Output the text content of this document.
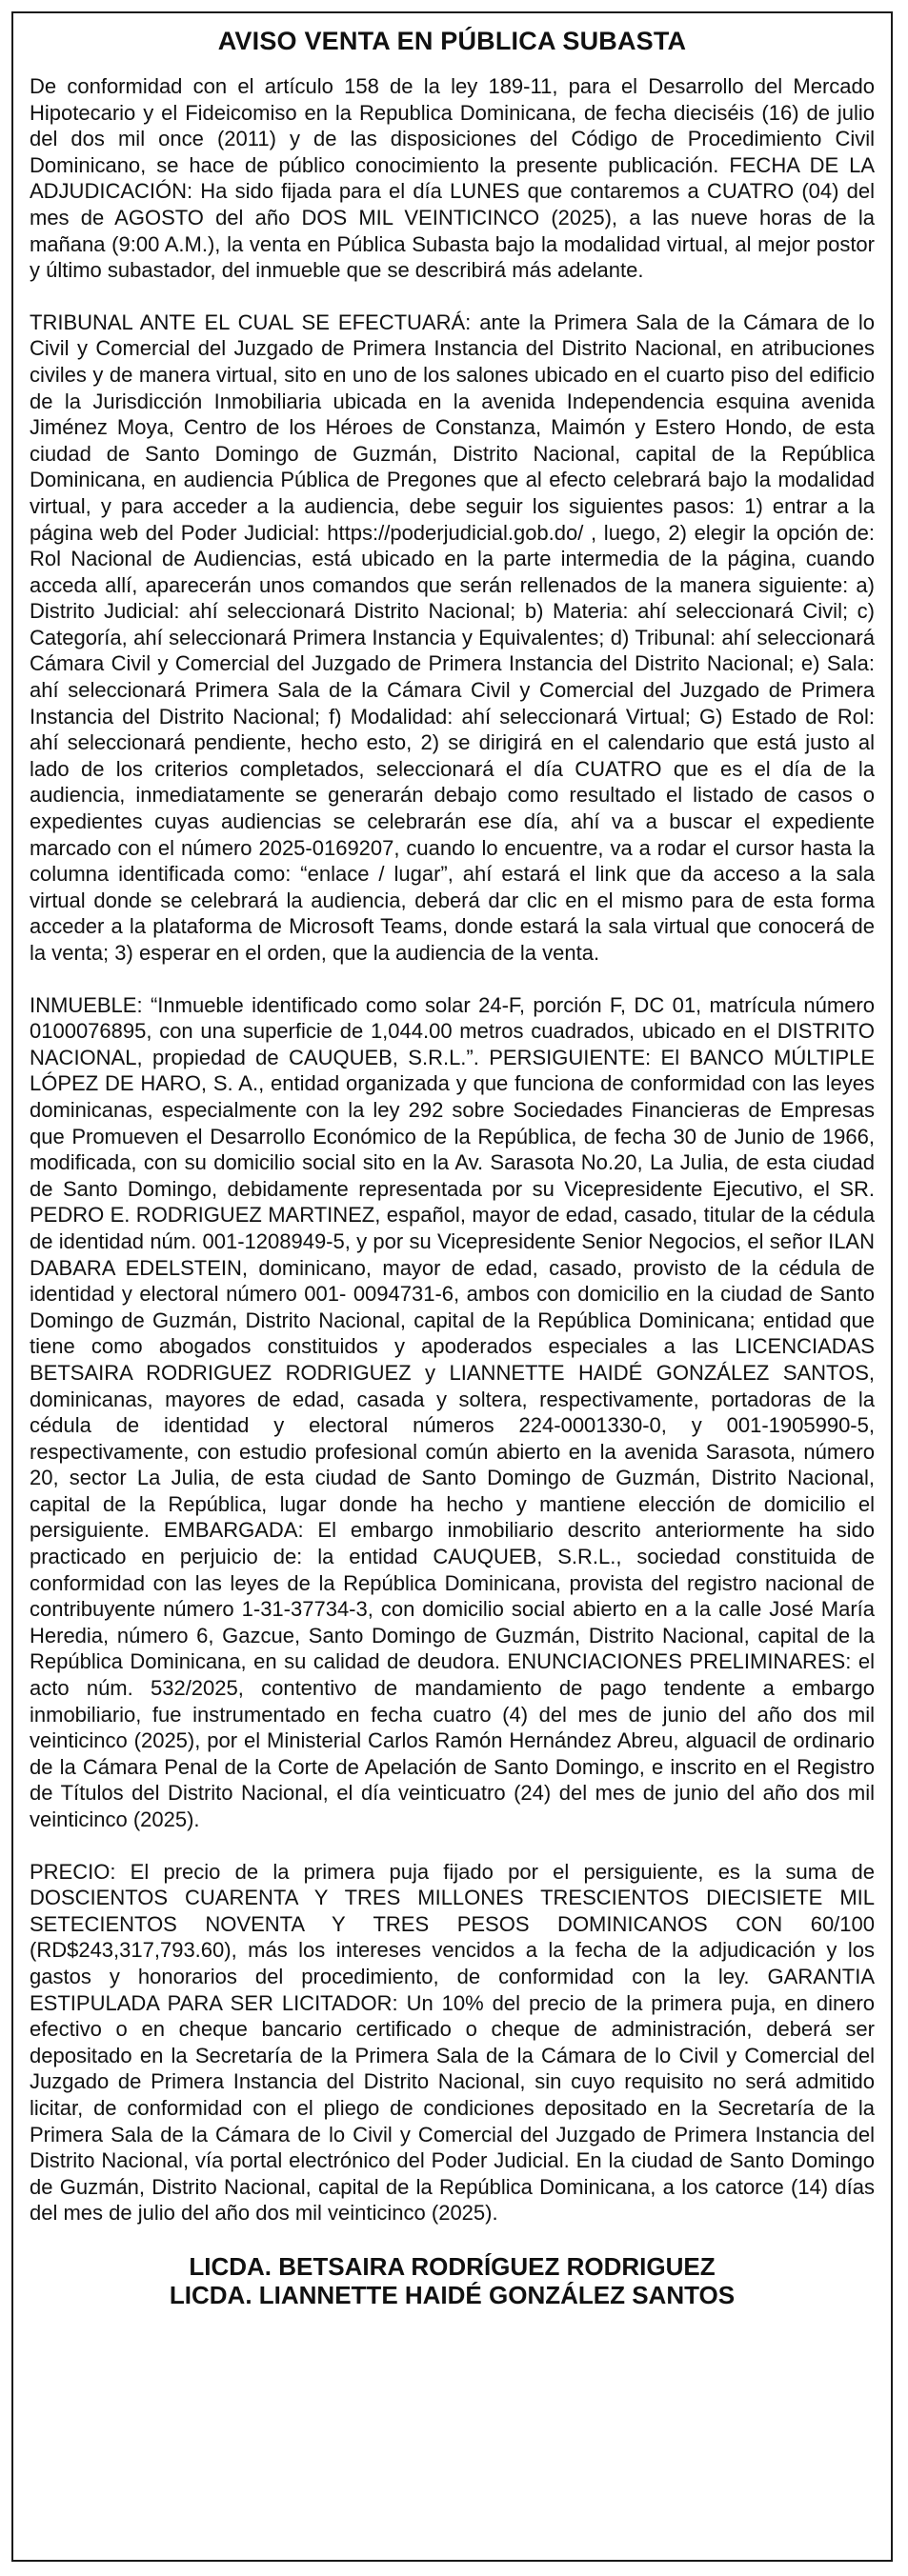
AVISO VENTA EN PÚBLICA SUBASTA

De conformidad con el artículo 158 de la ley 189-11, para el Desarrollo del Mercado Hipotecario y el Fideicomiso en la Republica Dominicana, de fecha dieciséis (16) de julio del dos mil once (2011) y de las disposiciones del Código de Procedimiento Civil Dominicano, se hace de público conocimiento la presente publicación. FECHA DE LA ADJUDICACIÓN: Ha sido fijada para el día LUNES que contaremos a CUATRO (04) del mes de AGOSTO del año DOS MIL VEINTICINCO (2025), a las nueve horas de la mañana (9:00 A.M.), la venta en Pública Subasta bajo la modalidad virtual, al mejor postor y último subastador, del inmueble que se describirá más adelante.

TRIBUNAL ANTE EL CUAL SE EFECTUARÁ: ante la Primera Sala de la Cámara de lo Civil y Comercial del Juzgado de Primera Instancia del Distrito Nacional, en atribuciones civiles y de manera virtual, sito en uno de los salones ubicado en el cuarto piso del edificio de la Jurisdicción Inmobiliaria ubicada en la avenida Independencia esquina avenida Jiménez Moya, Centro de los Héroes de Constanza, Maimón y Estero Hondo, de esta ciudad de Santo Domingo de Guzmán, Distrito Nacional, capital de la República Dominicana, en audiencia Pública de Pregones que al efecto celebrará bajo la modalidad virtual, y para acceder a la audiencia, debe seguir los siguientes pasos: 1) entrar a la página web del Poder Judicial: https://poderjudicial.gob.do/ , luego, 2) elegir la opción de: Rol Nacional de Audiencias, está ubicado en la parte intermedia de la página, cuando acceda allí, aparecerán unos comandos que serán rellenados de la manera siguiente: a) Distrito Judicial: ahí seleccionará Distrito Nacional; b) Materia: ahí seleccionará Civil; c) Categoría, ahí seleccionará Primera Instancia y Equivalentes; d) Tribunal: ahí seleccionará Cámara Civil y Comercial del Juzgado de Primera Instancia del Distrito Nacional; e) Sala: ahí seleccionará Primera Sala de la Cámara Civil y Comercial del Juzgado de Primera Instancia del Distrito Nacional; f) Modalidad: ahí seleccionará Virtual; G) Estado de Rol: ahí seleccionará pendiente, hecho esto, 2) se dirigirá en el calendario que está justo al lado de los criterios completados, seleccionará el día CUATRO que es el día de la audiencia, inmediatamente se generarán debajo como resultado el listado de casos o expedientes cuyas audiencias se celebrarán ese día, ahí va a buscar el expediente marcado con el número 2025-0169207, cuando lo encuentre, va a rodar el cursor hasta la columna identificada como: “enlace / lugar”, ahí estará el link que da acceso a la sala virtual donde se celebrará la audiencia, deberá dar clic en el mismo para de esta forma acceder a la plataforma de Microsoft Teams, donde estará la sala virtual que conocerá de la venta; 3) esperar en el orden, que la audiencia de la venta.

INMUEBLE: “Inmueble identificado como solar 24-F, porción F, DC 01, matrícula número 0100076895, con una superficie de 1,044.00 metros cuadrados, ubicado en el DISTRITO NACIONAL, propiedad de CAUQUEB, S.R.L.”. PERSIGUIENTE: El BANCO MÚLTIPLE LÓPEZ DE HARO, S. A., entidad organizada y que funciona de conformidad con las leyes dominicanas, especialmente con la ley 292 sobre Sociedades Financieras de Empresas que Promueven el Desarrollo Económico de la República, de fecha 30 de Junio de 1966, modificada, con su domicilio social sito en la Av. Sarasota No.20, La Julia, de esta ciudad de Santo Domingo, debidamente representada por su Vicepresidente Ejecutivo, el SR. PEDRO E. RODRIGUEZ MARTINEZ, español, mayor de edad, casado, titular de la cédula de identidad núm. 001-1208949-5, y por su Vicepresidente Senior Negocios, el señor ILAN DABARA EDELSTEIN, dominicano, mayor de edad, casado, provisto de la cédula de identidad y electoral número 001- 0094731-6, ambos con domicilio en la ciudad de Santo Domingo de Guzmán, Distrito Nacional, capital de la República Dominicana; entidad que tiene como abogados constituidos y apoderados especiales a las LICENCIADAS BETSAIRA RODRIGUEZ RODRIGUEZ y LIANNETTE HAIDÉ GONZÁLEZ SANTOS, dominicanas, mayores de edad, casada y soltera, respectivamente, portadoras de la cédula de identidad y electoral números 224-0001330-0, y 001-1905990-5, respectivamente, con estudio profesional común abierto en la avenida Sarasota, número 20, sector La Julia, de esta ciudad de Santo Domingo de Guzmán, Distrito Nacional, capital de la República, lugar donde ha hecho y mantiene elección de domicilio el persiguiente. EMBARGADA: El embargo inmobiliario descrito anteriormente ha sido practicado en perjuicio de: la entidad CAUQUEB, S.R.L., sociedad constituida de conformidad con las leyes de la República Dominicana, provista del registro nacional de contribuyente número 1-31-37734-3, con domicilio social abierto en a la calle José María Heredia, número 6, Gazcue, Santo Domingo de Guzmán, Distrito Nacional, capital de la República Dominicana, en su calidad de deudora. ENUNCIACIONES PRELIMINARES: el acto núm. 532/2025, contentivo de mandamiento de pago tendente a embargo inmobiliario, fue instrumentado en fecha cuatro (4) del mes de junio del año dos mil veinticinco (2025), por el Ministerial Carlos Ramón Hernández Abreu, alguacil de ordinario de la Cámara Penal de la Corte de Apelación de Santo Domingo, e inscrito en el Registro de Títulos del Distrito Nacional, el día veinticuatro (24) del mes de junio del año dos mil veinticinco (2025).

PRECIO: El precio de la primera puja fijado por el persiguiente, es la suma de DOSCIENTOS CUARENTA Y TRES MILLONES TRESCIENTOS DIECISIETE MIL SETECIENTOS NOVENTA Y TRES PESOS DOMINICANOS CON 60/100 (RD$243,317,793.60), más los intereses vencidos a la fecha de la adjudicación y los gastos y honorarios del procedimiento, de conformidad con la ley. GARANTIA ESTIPULADA PARA SER LICITADOR: Un 10% del precio de la primera puja, en dinero efectivo o en cheque bancario certificado o cheque de administración, deberá ser depositado en la Secretaría de la Primera Sala de la Cámara de lo Civil y Comercial del Juzgado de Primera Instancia del Distrito Nacional, sin cuyo requisito no será admitido licitar, de conformidad con el pliego de condiciones depositado en la Secretaría de la Primera Sala de la Cámara de lo Civil y Comercial del Juzgado de Primera Instancia del Distrito Nacional, vía portal electrónico del Poder Judicial. En la ciudad de Santo Domingo de Guzmán, Distrito Nacional, capital de la República Dominicana, a los catorce (14) días del mes de julio del año dos mil veinticinco (2025).

LICDA. BETSAIRA RODRÍGUEZ RODRIGUEZ
LICDA. LIANNETTE HAIDÉ GONZÁLEZ SANTOS
